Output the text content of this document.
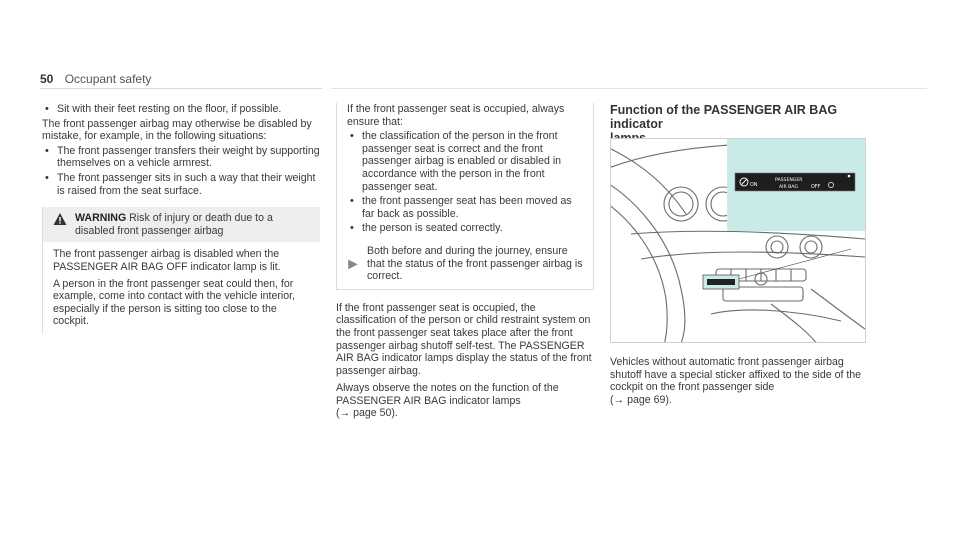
50 Occupant safety
• Sit with their feet resting on the floor, if possible.

The front passenger airbag may otherwise be disabled by mistake, for example, in the following situations:

• The front passenger transfers their weight by supporting themselves on a vehicle armrest.
• The front passenger sits in such a way that their weight is raised from the seat surface.
WARNING Risk of injury or death due to a disabled front passenger airbag

The front passenger airbag is disabled when the PASSENGER AIR BAG OFF indicator lamp is lit.

A person in the front passenger seat could then, for example, come into contact with the vehicle interior, especially if the person is sitting too close to the cockpit.

If the front passenger seat is occupied, always ensure that:

• the classification of the person in the front passenger seat is correct and the front passenger airbag is enabled or disabled in accordance with the person in the front passenger seat.
• the front passenger seat has been moved as far back as possible.
• the person is seated correctly.
Both before and during the journey, ensure that the status of the front passenger airbag is correct.

If the front passenger seat is occupied, the classification of the person or child restraint system on the front passenger seat takes place after the front passenger airbag shutoff self-test. The PASSENGER AIR BAG indicator lamps display the status of the front passenger airbag.

Always observe the notes on the function of the PASSENGER AIR BAG indicator lamps

(→ page 50).

Function of the PASSENGER AIR BAG indicator
ON
PASSENGER
AIR BAG	OFF

Vehicles without automatic front passenger airbag shutoff have a special sticker affixed to the side of the cockpit on the front passenger side

(→ page 69).
